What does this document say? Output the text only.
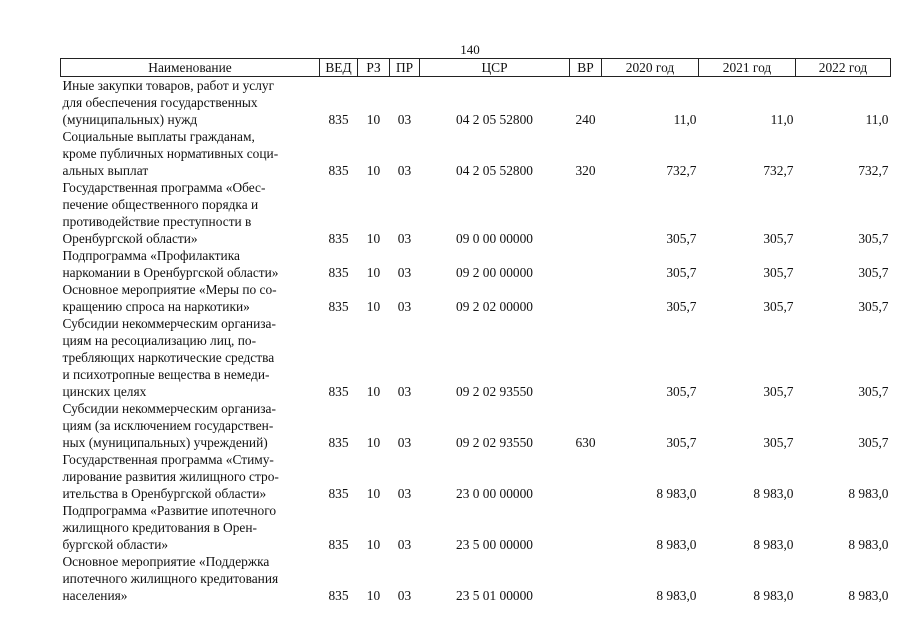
140
Наименование	ВЕД	РЗ	ПР	ЦСР	ВР	2020 год	2021 год	2022 год

Иные закупки товаров, работ и услуг
для обеспечения государственных
(муниципальных) нужд	835	10	03	04 2 05 52800	240	11,0	11,0	11,0

Социальные выплаты гражданам,
кроме публичных нормативных соци-
альных выплат	835	10	03	04 2 05 52800	320	732,7	732,7	732,7

Государственная программа «Обес-
печение общественного порядка и
противодействие преступности в
Оренбургской области»	835	10	03	09 0 00 00000		305,7	305,7	305,7

Подпрограмма «Профилактика
наркомании в Оренбургской области»	835	10	03	09 2 00 00000		305,7	305,7	305,7

Основное мероприятие «Меры по со-
кращению спроса на наркотики»	835	10	03	09 2 02 00000		305,7	305,7	305,7

Субсидии некоммерческим организа-
циям на ресоциализацию лиц, по-
требляющих наркотические средства
и психотропные вещества в немеди-
цинских целях	835	10	03	09 2 02 93550		305,7	305,7	305,7

Субсидии некоммерческим организа-
циям (за исключением государствен-
ных (муниципальных) учреждений)	835	10	03	09 2 02 93550	630	305,7	305,7	305,7

Государственная программа «Стиму-
лирование развития жилищного стро-
ительства в Оренбургской области»	835	10	03	23 0 00 00000		8 983,0	8 983,0	8 983,0

Подпрограмма «Развитие ипотечного
жилищного кредитования в Орен-
бургской области»	835	10	03	23 5 00 00000		8 983,0	8 983,0	8 983,0

Основное мероприятие «Поддержка
ипотечного жилищного кредитования
населения»	835	10	03	23 5 01 00000		8 983,0	8 983,0	8 983,0
